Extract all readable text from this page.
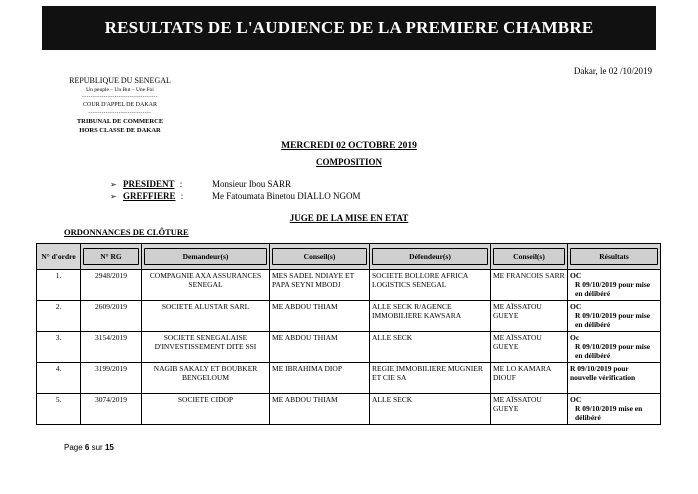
RESULTATS DE L'AUDIENCE DE LA PREMIERE CHAMBRE
REPUBLIQUE DU SENEGAL
Un peuple – Un But – Une Foi
-----------------------------------
COUR D'APPEL DE DAKAR
-----------------------------
TRIBUNAL DE COMMERCE
HORS CLASSE DE DAKAR
Dakar, le 02 /10/2019
MERCREDI 02 OCTOBRE 2019
COMPOSITION
➢ PRESIDENT :	Monsieur Ibou SARR
➢ GREFFIERE :	Me Fatoumata Binetou DIALLO NGOM
JUGE DE LA MISE EN ETAT
ORDONNANCES DE CLÔTURE
N° d'ordre	N° RG	Demandeur(s)	Conseil(s)	Défendeur(s)	Conseil(s)	Résultats

1.	2948/2019	COMPAGNIE AXA ASSURANCES SENEGAL	MES SADEL NDIAYE ET PAPA SEYNI MBODJ	SOCIETE BOLLORE AFRICA LOGISTICS SENEGAL	ME FRANCOIS SARR	OC
R 09/10/2019 pour mise en délibéré

2.	2609/2019	SOCIETE ALUSTAR SARL	ME ABDOU THIAM	ALLE SECK R/AGENCE IMMOBILIERE KAWSARA	ME AÏSSATOU GUEYE	OC
R 09/10/2019 pour mise en délibéré

3.	3154/2019	SOCIETE SENEGALAISE D'INVESTISSEMENT DITE SSI	ME ABDOU THIAM	ALLE SECK	ME AÏSSATOU GUEYE	Oc
R 09/10/2019 pour mise en délibéré

4.	3199/2019	NAGIB SAKALY ET BOUBKER BENGELOUM	ME IBRAHIMA DIOP	REGIE IMMOBILIERE MUGNIER ET CIE SA	ME LO KAMARA DIOUF	R 09/10/2019 pour
nouvelle vérification

5.	3074/2019	SOCIETE CIDOP	ME ABDOU THIAM	ALLE SECK	ME AÏSSATOU GUEYE	OC
R 09/10/2019 mise en délibéré
Page 6 sur 15
